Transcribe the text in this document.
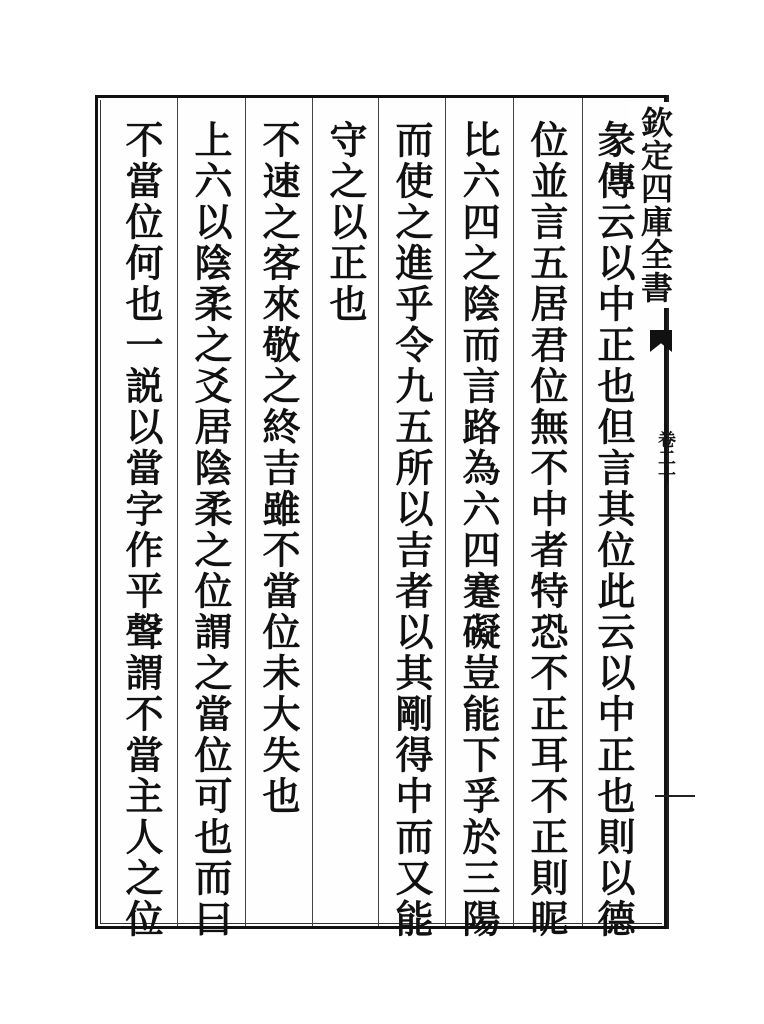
欽定四庫全書
卷二十
彖傳云以中正也但言其位此云以中正也則以德
位並言五居君位無不中者特恐不正耳不正則昵
比六四之陰而言路為六四蹇礙豈能下孚於三陽
而使之進乎令九五所以吉者以其剛得中而又能
守之以正也
不速之客來敬之終吉雖不當位未大失也
上六以陰柔之爻居陰柔之位謂之當位可也而曰
不當位何也一説以當字作平聲謂不當主人之位
